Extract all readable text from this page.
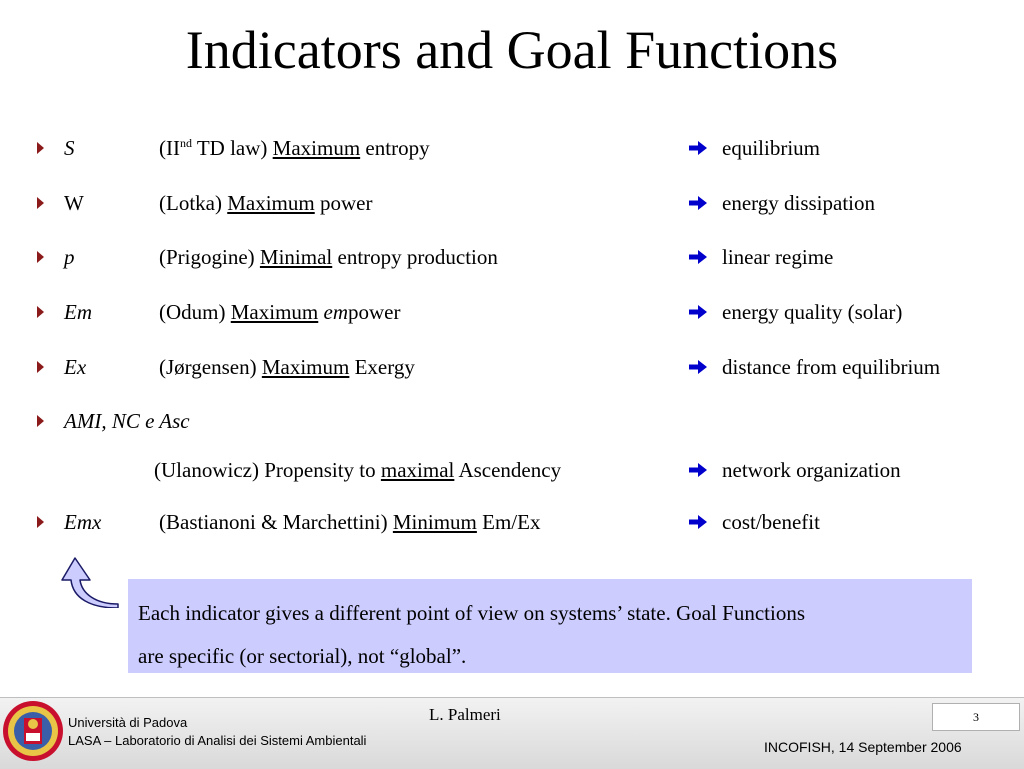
Indicators and Goal Functions
S	(IInd TD law) Maximum entropy	equilibrium
W	(Lotka) Maximum power	energy dissipation
p	(Prigogine) Minimal entropy production	linear regime
Em	(Odum) Maximum empower	energy quality (solar)
Ex	(Jørgensen) Maximum Exergy	distance from equilibrium
AMI, NC e Asc
(Ulanowicz) Propensity to maximal Ascendency	network organization
Emx	(Bastianoni & Marchettini) Minimum Em/Ex	cost/benefit
Each indicator gives a different point of view on systems’ state. Goal Functions
are specific (or sectorial), not “global”.
Università di Padova
LASA – Laboratorio di Analisi dei Sistemi Ambientali
L. Palmeri	3
INCOFISH, 14 September 2006
